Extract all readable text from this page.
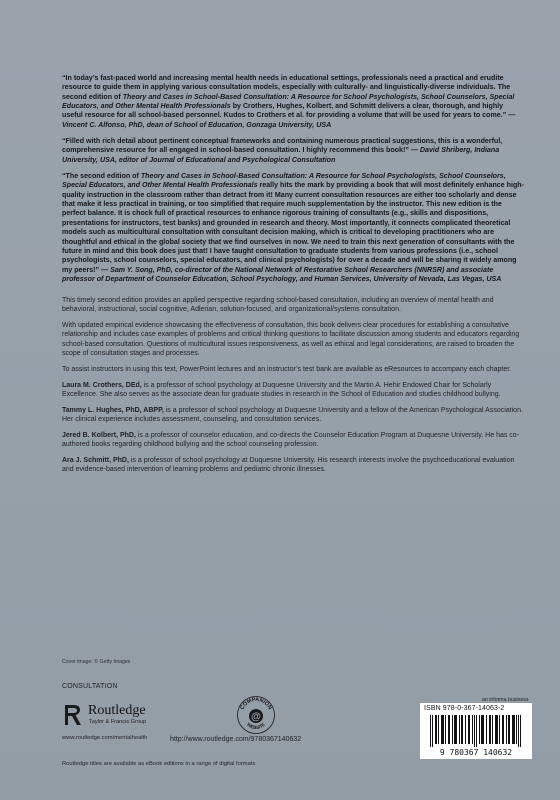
“In today’s fast-paced world and increasing mental health needs in educational settings, professionals need a practical and erudite resource to guide them in applying various consultation models, especially with culturally- and linguistically-diverse individuals. The second edition of Theory and Cases in School-Based Consultation: A Resource for School Psychologists, School Counselors, Special Educators, and Other Mental Health Professionals by Crothers, Hughes, Kolbert, and Schmitt delivers a clear, thorough, and highly useful resource for all school-based personnel. Kudos to Crothers et al. for providing a volume that will be used for years to come.” — Vincent C. Alfonso, PhD, dean of School of Education, Gonzaga University, USA

“Filled with rich detail about pertinent conceptual frameworks and containing numerous practical suggestions, this is a wonderful, comprehensive resource for all engaged in school-based consultation. I highly recommend this book!” — David Shriberg, Indiana University, USA, editor of Journal of Educational and Psychological Consultation

“The second edition of Theory and Cases in School-Based Consultation: A Resource for School Psychologists, School Counselors, Special Educators, and Other Mental Health Professionals really hits the mark by providing a book that will most definitely enhance high-quality instruction in the classroom rather than detract from it! Many current consultation resources are either too scholarly and dense that make it less practical in training, or too simplified that require much supplementation by the instructor. This new edition is the perfect balance. It is chock full of practical resources to enhance rigorous training of consultants (e.g., skills and dispositions, presentations for instructors, test banks) and grounded in research and theory. Most importantly, it connects complicated theoretical models such as multicultural consultation with consultant decision making, which is critical to developing practitioners who are thoughtful and ethical in the global society that we find ourselves in now. We need to train this next generation of consultants with the future in mind and this book does just that! I have taught consultation to graduate students from various professions (i.e., school psychologists, school counselors, special educators, and clinical psychologists) for over a decade and will be sharing it widely among my peers!” — Sam Y. Song, PhD, co-director of the National Network of Restorative School Researchers (NNRSR) and associate professor of Department of Counselor Education, School Psychology, and Human Services, University of Nevada, Las Vegas, USA

This timely second edition provides an applied perspective regarding school-based consultation, including an overview of mental health and behavioral, instructional, social cognitive, Adlerian, solution-focused, and organizational/systems consultation.

With updated empirical evidence showcasing the effectiveness of consultation, this book delivers clear procedures for establishing a consultative relationship and includes case examples of problems and critical thinking questions to facilitate discussion among students and educators regarding school-based consultation. Questions of multicultural issues responsiveness, as well as ethical and legal considerations, are raised to broaden the scope of consultation stages and processes.

To assist instructors in using this text, PowerPoint lectures and an instructor’s test bank are available as eResources to accompany each chapter.

Laura M. Crothers, DEd, is a professor of school psychology at Duquesne University and the Martin A. Hehir Endowed Chair for Scholarly Excellence. She also serves as the associate dean for graduate studies in research in the School of Education and studies childhood bullying.

Tammy L. Hughes, PhD, ABPP, is a professor of school psychology at Duquesne University and a fellow of the American Psychological Association. Her clinical experience includes assessment, counseling, and consultation services.

Jered B. Kolbert, PhD, is a professor of counselor education, and co-directs the Counselor Education Program at Duquesne University. He has co-authored books regarding childhood bullying and the school counseling profession.

Ara J. Schmitt, PhD, is a professor of school psychology at Duquesne University. His research interests involve the psychoeducational evaluation and evidence-based intervention of learning problems and pediatric chronic illnesses.

Cover image: © Getty Images
CONSULTATION
Routledge
Taylor & Francis Group
www.routledge.com/mentalhealth
COMPANION
WEBSITE
@
http://www.routledge.com/9780367140632
an informa business
ISBN 978-0-367-14063-2
9 780367 140632
Routledge titles are available as eBook editions in a range of digital formats
